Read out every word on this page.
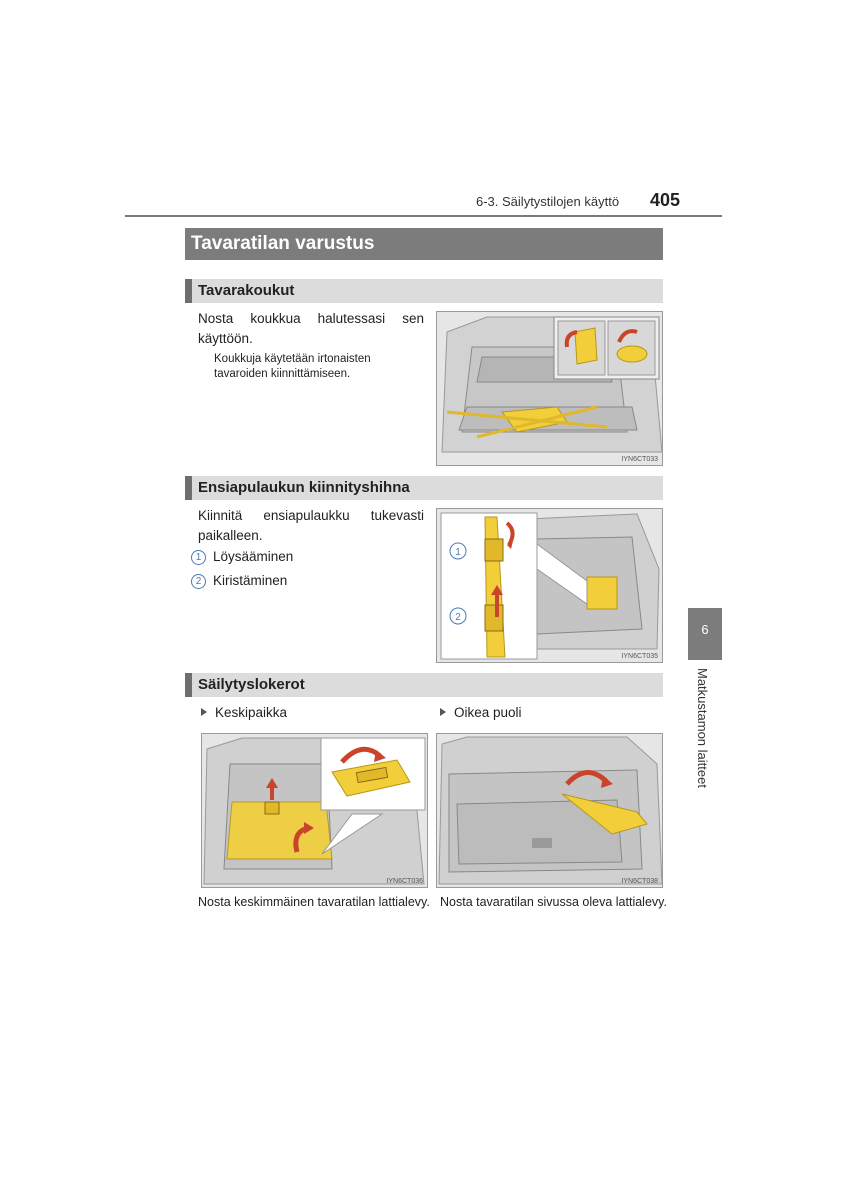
6-3. Säilytystilojen käyttö 405
Tavaratilan varustus
Tavarakoukut
Nosta koukkua halutessasi sen käyttöön.
Koukkuja käytetään irtonaisten tavaroiden kiinnittämiseen.
IYN6CT033
Ensiapulaukun kiinnityshihna
Kiinnitä ensiapulaukku tukevasti paikalleen.
1 Löysääminen
2 Kiristäminen
1
2
IYN6CT035
Säilytyslokerot
Keskipaikka	Oikea puoli
IYN6CT036	IYN6CT038
Nosta keskimmäinen tavaratilan lattialevy. Nosta tavaratilan sivussa oleva lattialevy.
6
Matkustamon laitteet
